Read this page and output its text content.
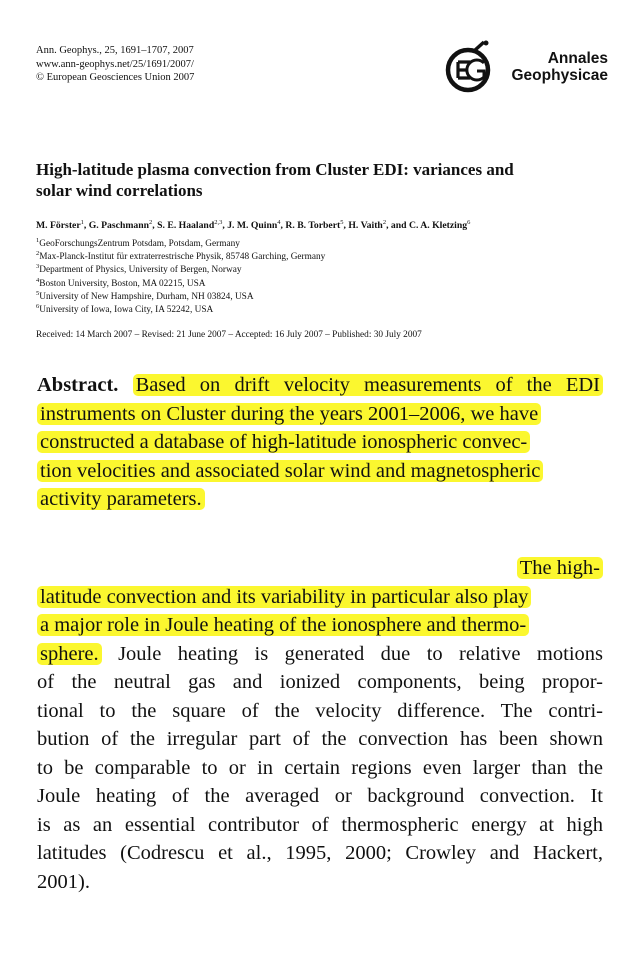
Ann. Geophys., 25, 1691–1707, 2007
www.ann-geophys.net/25/1691/2007/
© European Geosciences Union 2007
Annales
Geophysicae
High-latitude plasma convection from Cluster EDI: variances and
solar wind correlations
M. Förster$^1$, G. Paschmann$^2$, S. E. Haaland$^{2,3}$, J. M. Quinn$^4$, R. B. Torbert$^5$, H. Vaith$^2$, and C. A. Kletzing$^6$
$^1$GeoForschungsZentrum Potsdam, Potsdam, Germany
$^2$Max-Planck-Institut für extraterrestrische Physik, 85748 Garching, Germany
$^3$Department of Physics, University of Bergen, Norway
$^4$Boston University, Boston, MA 02215, USA
$^5$University of New Hampshire, Durham, NH 03824, USA
$^6$University of Iowa, Iowa City, IA 52242, USA
Received: 14 March 2007 – Revised: 21 June 2007 – Accepted: 16 July 2007 – Published: 30 July 2007
Abstract. Based on drift velocity measurements of the EDI
instruments on Cluster during the years 2001–2006, we have
constructed a database of high-latitude ionospheric convec-
tion velocities and associated solar wind and magnetospheric
activity parameters.
The high-
latitude convection and its variability in particular also play
a major role in Joule heating of the ionosphere and thermo-
sphere. Joule heating is generated due to relative motions
of the neutral gas and ionized components, being propor-
tional to the square of the velocity difference. The contri-
bution of the irregular part of the convection has been shown
to be comparable to or in certain regions even larger than the
Joule heating of the averaged or background convection. It
is as an essential contributor of thermospheric energy at high
latitudes (Codrescu et al., 1995, 2000; Crowley and Hackert,
2001).
